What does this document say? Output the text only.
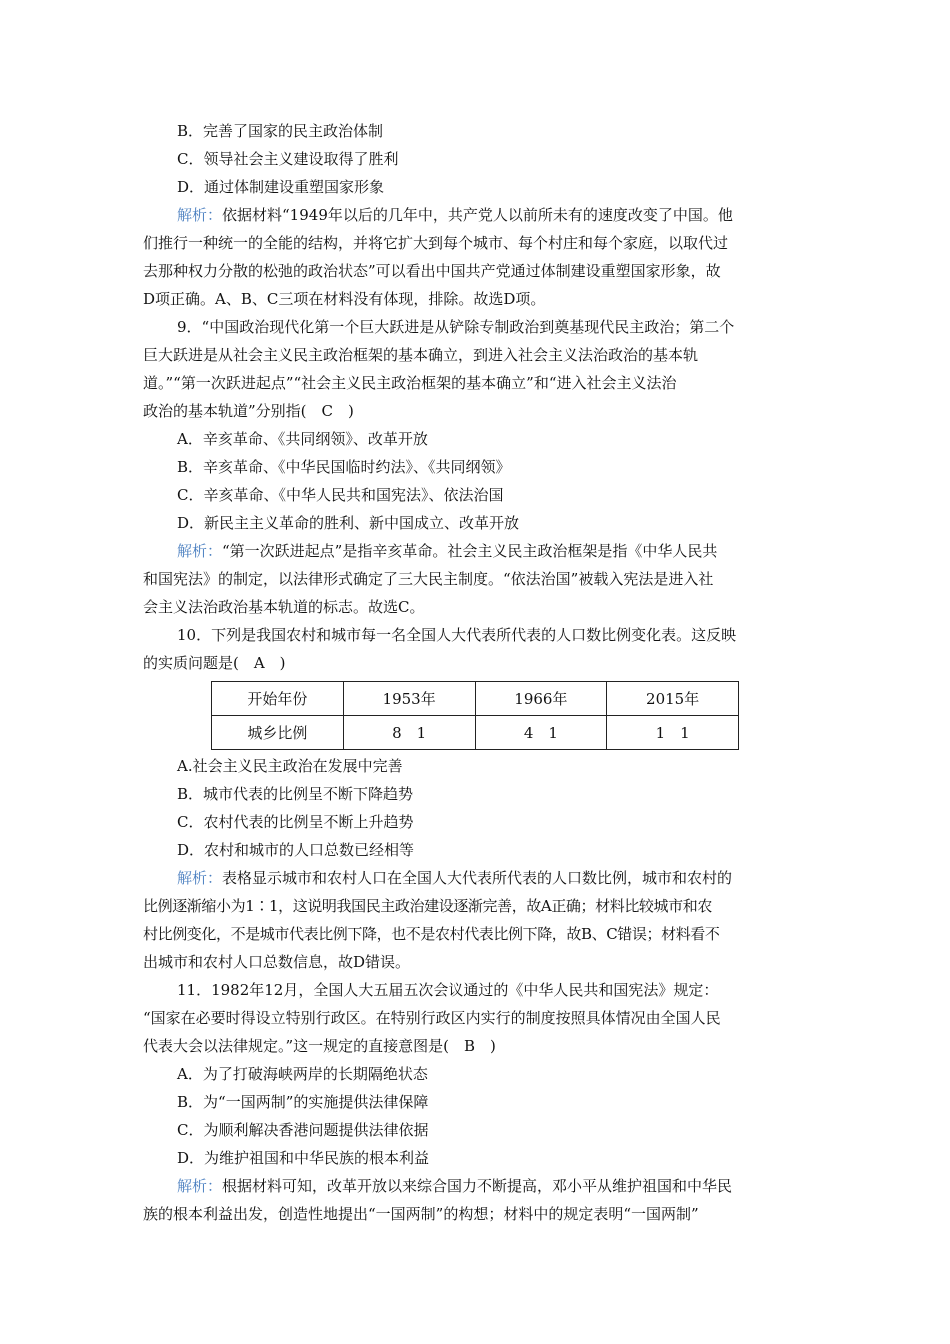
B．完善了国家的民主政治体制
C．领导社会主义建设取得了胜利
D．通过体制建设重塑国家形象
解析：依据材料“1949年以后的几年中，共产党人以前所未有的速度改变了中国。他
们推行一种统一的全能的结构，并将它扩大到每个城市、每个村庄和每个家庭，以取代过
去那种权力分散的松弛的政治状态”可以看出中国共产党通过体制建设重塑国家形象，故
D项正确。A、B、C三项在材料没有体现，排除。故选D项。
9．“中国政治现代化第一个巨大跃进是从铲除专制政治到奠基现代民主政治；第二个
巨大跃进是从社会主义民主政治框架的基本确立，到进入社会主义法治政治的基本轨
道。”“第一次跃进起点”“社会主义民主政治框架的基本确立”和“进入社会主义法治
政治的基本轨道”分别指(　C　)
A．辛亥革命、《共同纲领》、改革开放
B．辛亥革命、《中华民国临时约法》、《共同纲领》
C．辛亥革命、《中华人民共和国宪法》、依法治国
D．新民主主义革命的胜利、新中国成立、改革开放
解析：“第一次跃进起点”是指辛亥革命。社会主义民主政治框架是指《中华人民共
和国宪法》的制定，以法律形式确定了三大民主制度。“依法治国”被载入宪法是进入社
会主义法治政治基本轨道的标志。故选C。
10．下列是我国农村和城市每一名全国人大代表所代表的人口数比例变化表。这反映
的实质问题是(　A　)
开始年份	1953年	1966年	2015年
城乡比例	8　1	4　1	1　1
A.社会主义民主政治在发展中完善
B．城市代表的比例呈不断下降趋势
C．农村代表的比例呈不断上升趋势
D．农村和城市的人口总数已经相等
解析：表格显示城市和农村人口在全国人大代表所代表的人口数比例，城市和农村的
比例逐渐缩小为1∶1，这说明我国民主政治建设逐渐完善，故A正确；材料比较城市和农
村比例变化，不是城市代表比例下降，也不是农村代表比例下降，故B、C错误；材料看不
出城市和农村人口总数信息，故D错误。
11．1982年12月，全国人大五届五次会议通过的《中华人民共和国宪法》规定：
“国家在必要时得设立特别行政区。在特别行政区内实行的制度按照具体情况由全国人民
代表大会以法律规定。”这一规定的直接意图是(　B　)
A．为了打破海峡两岸的长期隔绝状态
B．为“一国两制”的实施提供法律保障
C．为顺利解决香港问题提供法律依据
D．为维护祖国和中华民族的根本利益
解析：根据材料可知，改革开放以来综合国力不断提高，邓小平从维护祖国和中华民
族的根本利益出发，创造性地提出“一国两制”的构想；材料中的规定表明“一国两制”
